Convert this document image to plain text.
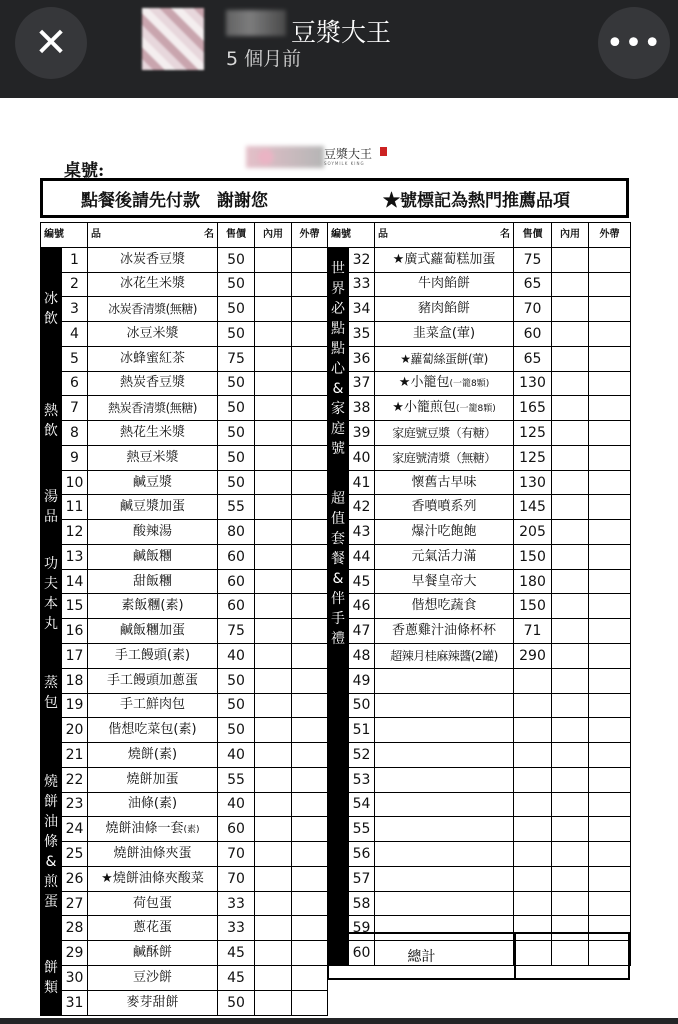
✕	豆漿大王
5 個月前	•••
桌號:
豆漿大王
SOYMILK KING
點餐後請先付款　謝謝您	★號標記為熱門推薦品項
編號		品 名	售價	內用	外帶

冰飲	1	冰炭香豆漿	50		
	2	冰花生米漿	50		
	3	冰炭香清漿(無糖)	50		
	4	冰豆米漿	50		
	5	冰蜂蜜紅茶	75		

熱飲	6	熱炭香豆漿	50		
	7	熱炭香清漿(無糖)	50		
	8	熱花生米漿	50		
	9	熱豆米漿	50		

湯品	10	鹹豆漿	50		
	11	鹹豆漿加蛋	55		
	12	酸辣湯	80		

功夫本丸	13	鹹飯糰	60		
	14	甜飯糰	60		
	15	素飯糰(素)	60		
	16	鹹飯糰加蛋	75		

蒸包	17	手工饅頭(素)	40		
	18	手工饅頭加蔥蛋	50		
	19	手工鮮肉包	50		
	20	偕想吃菜包(素)	50		

燒餅油條&煎蛋	21	燒餅(素)	40		
	22	燒餅加蛋	55		
	23	油條(素)	40		
	24	燒餅油條一套(素)	60		
	25	燒餅油條夾蛋	70		
	26	★燒餅油條夾酸菜	70		
	27	荷包蛋	33		
	28	蔥花蛋	33		

餅類	29	鹹酥餅	45		
	30	豆沙餅	45		
	31	麥芽甜餅	50		
編號		品 名	售價	內用	外帶

世界必點點心&家庭號	32	★廣式蘿蔔糕加蛋	75		
	33	牛肉餡餅	65		
	34	豬肉餡餅	70		
	35	韭菜盒(葷)	60		
	36	★蘿蔔絲蛋餅(葷)	65		
	37	★小籠包(一籠8顆)	130		
	38	★小籠煎包(一籠8顆)	165		
	39	家庭號豆漿（有糖）	125		
	40	家庭號清漿（無糖）	125		

超值套餐&伴手禮	41	懷舊古早味	130		
	42	香噴噴系列	145		
	43	爆汁吃飽飽	205		
	44	元氣活力滿	150		
	45	早餐皇帝大	180		
	46	偕想吃蔬食	150		
	47	香蔥雞汁油條杯杯	71		
	48	超辣月桂麻辣醬(2罐)	290		

	49				
	50				
	51				
	52				
	53				
	54				
	55				
	56				
	57				
	58				
	59				
	60					總計
